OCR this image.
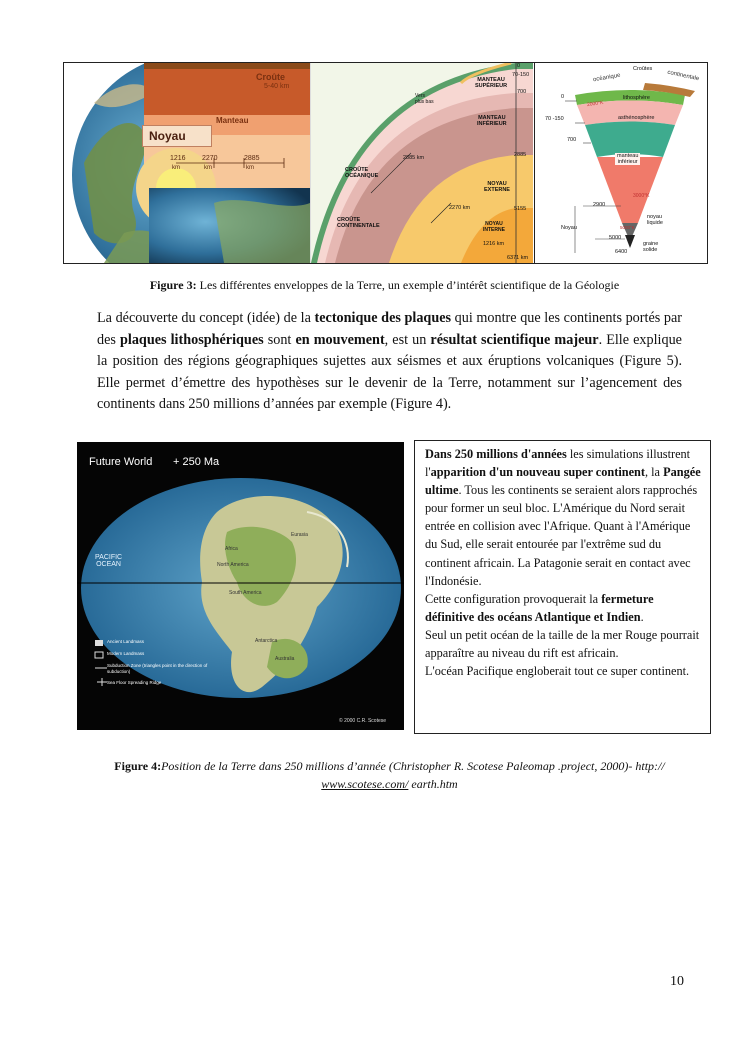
Croûte
5-40 km
Manteau
Noyau
1216
km
2270
km
2885
km
0
70-150
700
2885
5155
6371 km
MANTEAU
SUPÉRIEUR
MANTEAU
INFÉRIEUR
NOYAU
EXTERNE
NOYAU
INTERNE
CROÛTE
OCÉANIQUE
CROÛTE
CONTINENTALE
Vers
plus bas
2885 km
2270 km
1216 km
Croûtes
océanique	continentale
0
70 -150
700
2900
5000
6400
2000°K
3000°K
5000°K
lithosphère
asthénosphère
manteau
inférieur
Noyau
noyau
liquide
graine
solide
Figure 3: Les différentes enveloppes de la Terre, un exemple d’intérêt scientifique de la Géologie
La découverte du concept (idée) de la tectonique des plaques qui montre que les continents portés par des plaques lithosphériques sont en mouvement, est un résultat scientifique majeur. Elle explique la position des régions géographiques sujettes aux séismes et aux éruptions volcaniques (Figure 5). Elle permet d’émettre des hypothèses sur le devenir de la Terre, notamment sur l’agencement des continents dans 250 millions d’années par exemple (Figure 4).
Future World + 250 Ma
PACIFIC
OCEAN
Africa
North America
South America
Eurasia
Antarctica
Australia
Ancient Landmass
Modern Landmass
Subduction Zone (triangles point in the direction of subduction)
Sea Floor Spreading Ridge
© 2000 C.R. Scotese
Dans 250 millions d'années les simulations illustrent l'apparition d'un nouveau super continent, la Pangée ultime. Tous les continents se seraient alors rapprochés pour former un seul bloc. L'Amérique du Nord serait entrée en collision avec l'Afrique. Quant à l'Amérique du Sud, elle serait entourée par l'extrême sud du continent africain. La Patagonie serait en contact avec l'Indonésie.
Cette configuration provoquerait la fermeture définitive des océans Atlantique et Indien.
Seul un petit océan de la taille de la mer Rouge pourrait apparaître au niveau du rift est africain.
L'océan Pacifique engloberait tout ce super continent.
Figure 4:Position de la Terre dans 250 millions d’année (Christopher R. Scotese Paleomap .project, 2000)- http:// www.scotese.com/ earth.htm
10
